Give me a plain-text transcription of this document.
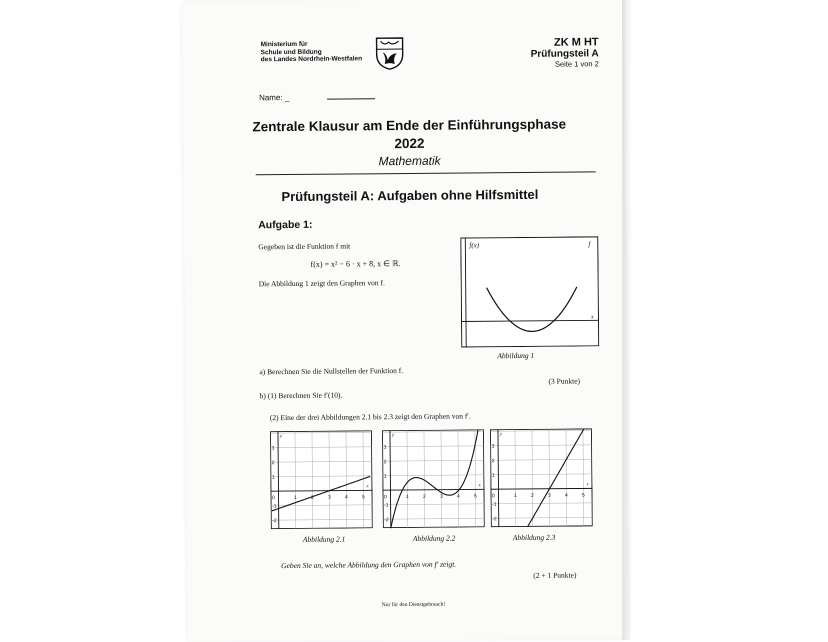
Ministerium für
Schule und Bildung
des Landes Nordrhein-Westfalen
ZK M HT
Prüfungsteil A
Seite 1 von 2
Name: _
Zentrale Klausur am Ende der Einführungsphase
2022
Mathematik
Prüfungsteil A: Aufgaben ohne Hilfsmittel
Aufgabe 1:
Gegeben ist die Funktion f mit
f(x) = x² − 6 · x + 8, x ∈ ℝ.
Die Abbildung 1 zeigt den Graphen von f.
f(x)	f
x
Abbildung 1
a) Berechnen Sie die Nullstellen der Funktion f.
(3 Punkte)
b) (1) Berechnen Sie f′(10).
(2) Eine der drei Abbildungen 2.1 bis 2.3 zeigt den Graphen von f′.
1	2	3	4	5
3
2
1
-1
-2
0
x
y
1	2	3	4	5
3
2
1
-1
-2
0
x
y
1	2	3	4	5
3
2
1
-1
-2
0
x
y
Abbildung 2.1	Abbildung 2.2	Abbildung 2.3
Geben Sie an, welche Abbildung den Graphen von f′ zeigt.
(2 + 1 Punkte)
Nur für den Dienstgebrauch!
